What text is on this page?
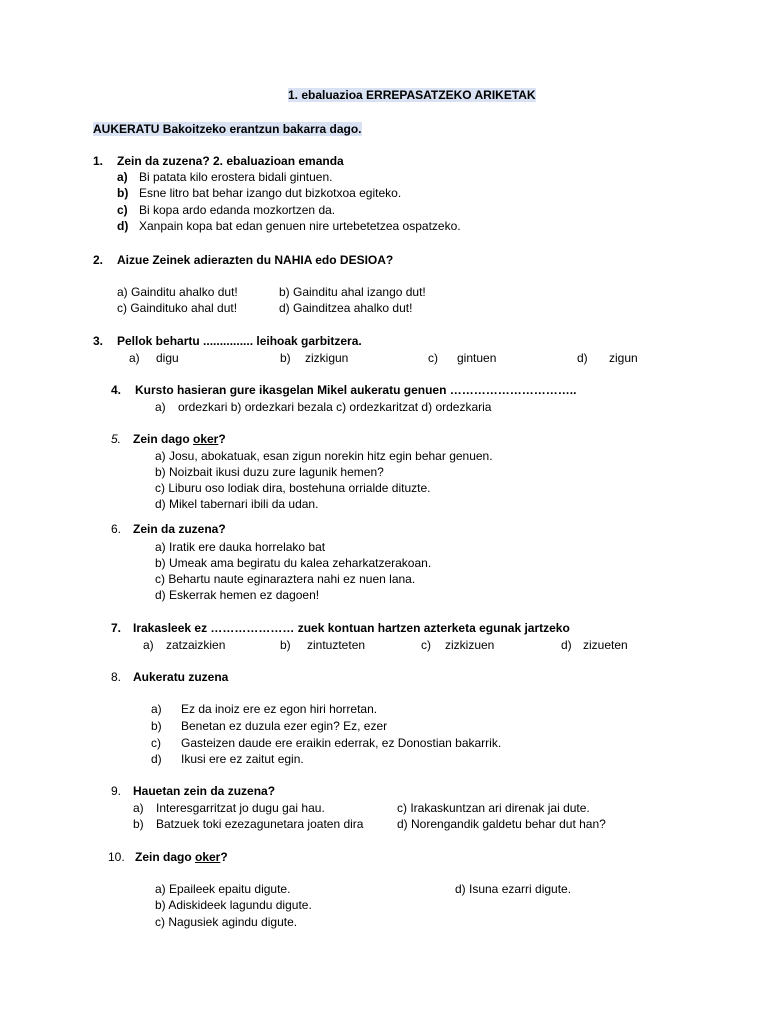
1. ebaluazioa ERREPASATZEKO ARIKETAK
AUKERATU Bakoitzeko erantzun bakarra dago.
1. Zein da zuzena? 2. ebaluazioan emanda
a) Bi patata kilo erostera bidali gintuen.
b) Esne litro bat behar izango dut bizkotxoa egiteko.
c) Bi kopa ardo edanda mozkortzen da.
d) Xanpain kopa bat edan genuen nire urtebetetzea ospatzeko.
2. Aizue Zeinek adierazten du NAHIA edo DESIOA?
a) Gainditu ahalko dut!	b) Gainditu ahal izango dut!
c) Gaindituko ahal dut!	d) Gainditzea ahalko dut!
3. Pellok behartu ............... leihoak garbitzera.
a) digu	b) zizkigun	c) gintuen	d) zigun
4. Kursto hasieran gure ikasgelan Mikel aukeratu genuen …………………………..
a) ordezkari b) ordezkari bezala c) ordezkaritzat d) ordezkaria
5. Zein dago oker?
a) Josu, abokatuak, esan zigun norekin hitz egin behar genuen.
b) Noizbait ikusi duzu zure lagunik hemen?
c) Liburu oso lodiak dira, bostehuna orrialde dituzte.
d) Mikel tabernari ibili da udan.
6. Zein da zuzena?
a) Iratik ere dauka horrelako bat
b) Umeak ama begiratu du kalea zeharkatzerakoan.
c) Behartu naute eginaraztera nahi ez nuen lana.
d) Eskerrak hemen ez dagoen!
7. Irakasleek ez ………………… zuek kontuan hartzen azterketa egunak jartzeko
a) zatzaizkien	b) zintuzteten	c) zizkizuen	d) zizueten
8. Aukeratu zuzena
a) Ez da inoiz ere ez egon hiri horretan.
b) Benetan ez duzula ezer egin? Ez, ezer
c) Gasteizen daude ere eraikin ederrak, ez Donostian bakarrik.
d) Ikusi ere ez zaitut egin.
9. Hauetan zein da zuzena?
a) Interesgarritzat jo dugu gai hau.	c) Irakaskuntzan ari direnak jai dute.
b) Batzuek toki ezezagunetara joaten dira	d) Norengandik galdetu behar dut han?
10. Zein dago oker?
a) Epaileek epaitu digute.	d) Isuna ezarri digute.
b) Adiskideek lagundu digute.
c) Nagusiek agindu digute.
